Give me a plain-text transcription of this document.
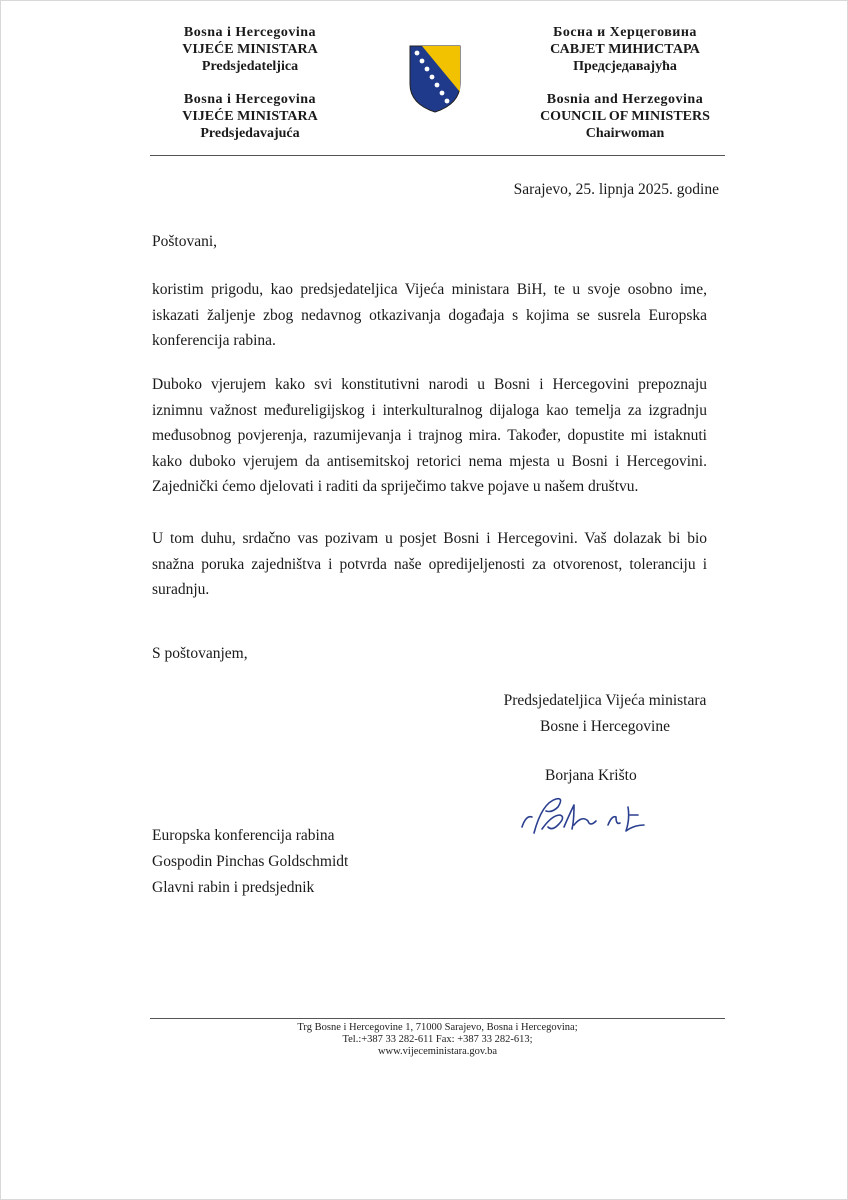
Bosna i Hercegovina
VIJEĆE MINISTARA
Predsjedateljica
Bosna i Hercegovina
VIJEĆE MINISTARA
Predsjedavajuća
Босна и Херцеговина
САВЈЕТ МИНИСТАРА
Предсједавајућа
Bosnia and Herzegovina
COUNCIL OF MINISTERS
Chairwoman
Sarajevo, 25. lipnja 2025. godine
Poštovani,

koristim prigodu, kao predsjedateljica Vijeća ministara BiH, te u svoje osobno ime, iskazati žaljenje zbog nedavnog otkazivanja događaja s kojima se susrela Europska konferencija rabina.

Duboko vjerujem kako svi konstitutivni narodi u Bosni i Hercegovini prepoznaju iznimnu važnost međureligijskog i interkulturalnog dijaloga kao temelja za izgradnju međusobnog povjerenja, razumijevanja i trajnog mira. Također, dopustite mi istaknuti kako duboko vjerujem da antisemitskoj retorici nema mjesta u Bosni i Hercegovini. Zajednički ćemo djelovati i raditi da spriječimo takve pojave u našem društvu.

U tom duhu, srdačno vas pozivam u posjet Bosni i Hercegovini. Vaš dolazak bi bio snažna poruka zajedništva i potvrda naše opredijeljenosti za otvorenost, toleranciju i suradnju.

S poštovanjem,
Predsjedateljica Vijeća ministara
Bosne i Hercegovine
Borjana Krišto
Europska konferencija rabina
Gospodin Pinchas Goldschmidt
Glavni rabin i predsjednik
Trg Bosne i Hercegovine 1, 71000 Sarajevo, Bosna i Hercegovina;
Tel.:+387 33 282-611 Fax: +387 33 282-613;
www.vijeceministara.gov.ba
